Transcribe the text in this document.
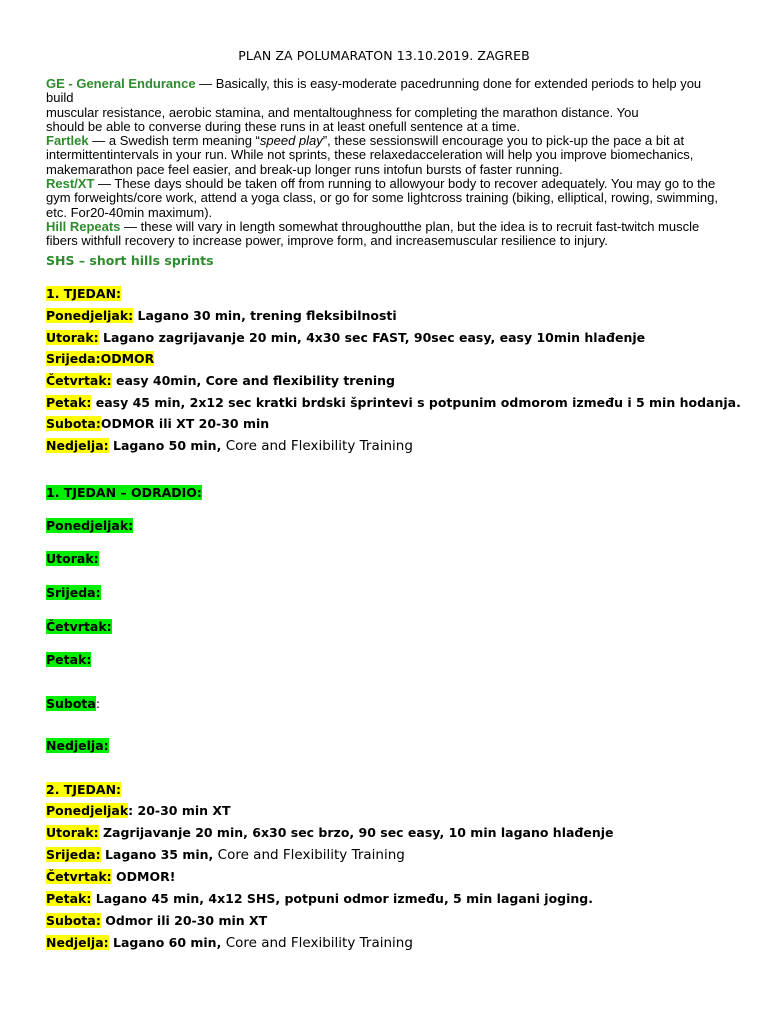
PLAN ZA POLUMARATON 13.10.2019. ZAGREB

GE - General Endurance — Basically, this is easy-moderate pacedrunning done for extended periods to help you build

muscular resistance, aerobic stamina, and mentaltoughness for completing the marathon distance. You

should be able to converse during these runs in at least onefull sentence at a time.

Fartlek — a Swedish term meaning “speed play”, these sessionswill encourage you to pick-up the pace a bit at

intermittentintervals in your run. While not sprints, these relaxedacceleration will help you improve biomechanics,

makemarathon pace feel easier, and break-up longer runs intofun bursts of faster running.

Rest/XT — These days should be taken off from running to allowyour body to recover adequately. You may go to the

gym forweights/core work, attend a yoga class, or go for some lightcross training (biking, elliptical, rowing, swimming,

etc. For20-40min maximum).

Hill Repeats — these will vary in length somewhat throughoutthe plan, but the idea is to recruit fast-twitch muscle

fibers withfull recovery to increase power, improve form, and increasemuscular resilience to injury.

SHS – short hills sprints
1. TJEDAN:
Ponedjeljak: Lagano 30 min, trening fleksibilnosti
Utorak: Lagano zagrijavanje 20 min, 4x30 sec FAST, 90sec easy, easy 10min hlađenje
Srijeda:ODMOR
Četvrtak: easy 40min, Core and flexibility trening
Petak: easy 45 min, 2x12 sec kratki brdski šprintevi s potpunim odmorom između i 5 min hodanja.
Subota:ODMOR ili XT 20-30 min
Nedjelja: Lagano 50 min, Core and Flexibility Training
1. TJEDAN – ODRADIO:
Ponedjeljak:
Utorak:
Srijeda:
Četvrtak:
Petak:
Subota:
Nedjelja:
2. TJEDAN:
Ponedjeljak: 20-30 min XT
Utorak: Zagrijavanje 20 min, 6x30 sec brzo, 90 sec easy, 10 min lagano hlađenje
Srijeda: Lagano 35 min, Core and Flexibility Training
Četvrtak: ODMOR!
Petak: Lagano 45 min, 4x12 SHS, potpuni odmor između, 5 min lagani joging.
Subota: Odmor ili 20-30 min XT
Nedjelja: Lagano 60 min, Core and Flexibility Training
